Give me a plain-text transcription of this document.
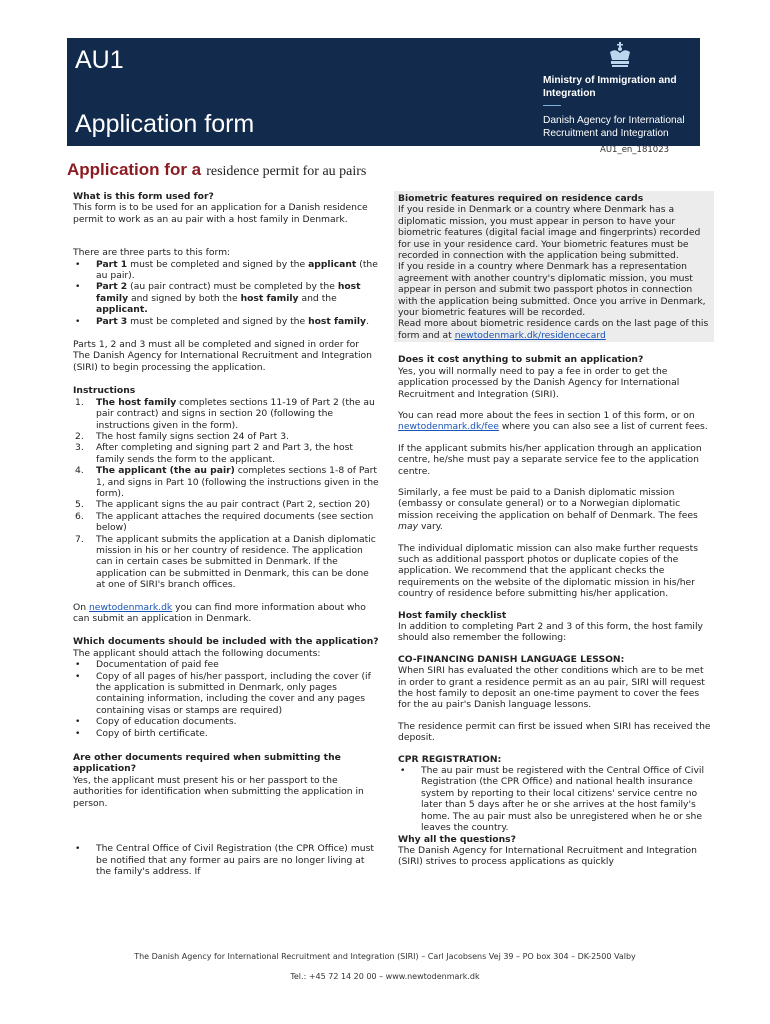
AU1
Application form
Ministry of Immigration and Integration
Danish Agency for International Recruitment and Integration
AU1_en_181023
Application for a residence permit for au pairs
What is this form used for?

This form is to be used for an application for a Danish residence permit to work as an au pair with a host family in Denmark.

There are three parts to this form:
• Part 1 must be completed and signed by the applicant (the au pair).
• Part 2 (au pair contract) must be completed by the host family and signed by both the host family and the applicant.
• Part 3 must be completed and signed by the host family.

Parts 1, 2 and 3 must all be completed and signed in order for The Danish Agency for International Recruitment and Integration (SIRI) to begin processing the application.

Instructions
1. The host family completes sections 11-19 of Part 2 (the au pair contract) and signs in section 20 (following the instructions given in the form).
2. The host family signs section 24 of Part 3.
3. After completing and signing part 2 and Part 3, the host family sends the form to the applicant.
4. The applicant (the au pair) completes sections 1-8 of Part 1, and signs in Part 10 (following the instructions given in the form).
5. The applicant signs the au pair contract (Part 2, section 20)
6. The applicant attaches the required documents (see section below)
7. The applicant submits the application at a Danish diplomatic mission in his or her country of residence. The application can in certain cases be submitted in Denmark. If the application can be submitted in Denmark, this can be done at one of SIRI's branch offices.

On newtodenmark.dk you can find more information about who can submit an application in Denmark.

Which documents should be included with the application?
The applicant should attach the following documents:
• Documentation of paid fee
• Copy of all pages of his/her passport, including the cover (if the application is submitted in Denmark, only pages containing information, including the cover and any pages containing visas or stamps are required)
• Copy of education documents.
• Copy of birth certificate.
Are other documents required when submitting the application?

Yes, the applicant must present his or her passport to the authorities for identification when submitting the application in person.

• The Central Office of Civil Registration (the CPR Office) must be notified that any former au pairs are no longer living at the family's address. If
Biometric features required on residence cards
If you reside in Denmark or a country where Denmark has a diplomatic mission, you must appear in person to have your biometric features (digital facial image and fingerprints) recorded for use in your residence card. Your biometric features must be recorded in connection with the application being submitted.
If you reside in a country where Denmark has a representation agreement with another country's diplomatic mission, you must appear in person and submit two passport photos in connection with the application being submitted. Once you arrive in Denmark, your biometric features will be recorded.
Read more about biometric residence cards on the last page of this form and at newtodenmark.dk/residencecard
Does it cost anything to submit an application?

Yes, you will normally need to pay a fee in order to get the application processed by the Danish Agency for International Recruitment and Integration (SIRI).

You can read more about the fees in section 1 of this form, or on newtodenmark.dk/fee where you can also see a list of current fees.

If the applicant submits his/her application through an application centre, he/she must pay a separate service fee to the application centre.

Similarly, a fee must be paid to a Danish diplomatic mission (embassy or consulate general) or to a Norwegian diplomatic mission receiving the application on behalf of Denmark. The fees may vary.

The individual diplomatic mission can also make further requests such as additional passport photos or duplicate copies of the application. We recommend that the applicant checks the requirements on the website of the diplomatic mission in his/her country of residence before submitting his/her application.

Host family checklist

In addition to completing Part 2 and 3 of this form, the host family should also remember the following:

CO-FINANCING DANISH LANGUAGE LESSON:

When SIRI has evaluated the other conditions which are to be met in order to grant a residence permit as an au pair, SIRI will request the host family to deposit an one-time payment to cover the fees for the au pair's Danish language lessons.

The residence permit can first be issued when SIRI has received the deposit.

CPR REGISTRATION:
• The au pair must be registered with the Central Office of Civil Registration (the CPR Office) and national health insurance system by reporting to their local citizens' service centre no later than 5 days after he or she arrives at the host family's home. The au pair must also be unregistered when he or she leaves the country.
Why all the questions?
The Danish Agency for International Recruitment and Integration (SIRI) strives to process applications as quickly
The Danish Agency for International Recruitment and Integration (SIRI) – Carl Jacobsens Vej 39 – PO box 304 – DK-2500 Valby
Tel.: +45 72 14 20 00 – www.newtodenmark.dk
